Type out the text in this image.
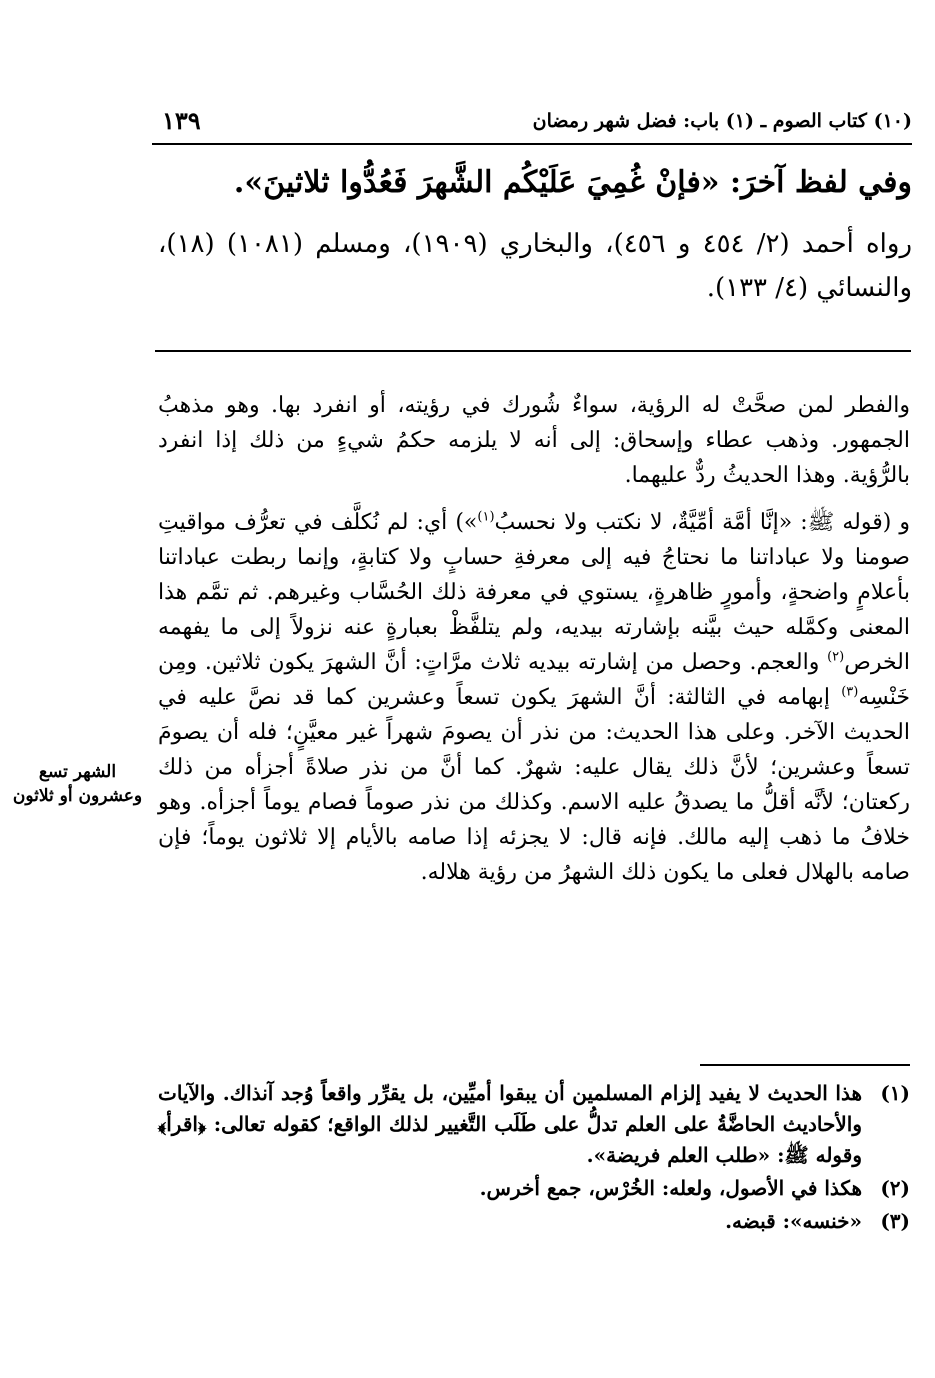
(١٠) كتاب الصوم ـ (١) باب: فضل شهر رمضان
١٣٩

وفي لفظ آخرَ: «فإنْ غُمِيَ عَلَيْكُم الشَّهرَ فَعُدُّوا ثلاثينَ».

رواه أحمد (٢/ ٤٥٤ و ٤٥٦)، والبخاري (١٩٠٩)، ومسلم (١٠٨١) (١٨)، والنسائي (٤/ ١٣٣).

والفطر لمن صحَّتْ له الرؤية، سواءٌ شُورك في رؤيته، أو انفرد بها. وهو مذهبُ الجمهور. وذهب عطاء وإسحاق: إلى أنه لا يلزمه حكمُ شيءٍ من ذلك إذا انفرد بالرُّؤية. وهذا الحديثُ ردٌّ عليهما.

و (قوله ﷺ: «إنَّا أمَّة أمِّيَّةٌ، لا نكتب ولا نحسبُ$^{(١)}$») أي: لم نُكلَّف في تعرُّف مواقيتِ صومنا ولا عباداتنا ما نحتاجُ فيه إلى معرفةِ حسابٍ ولا كتابةٍ، وإنما ربطت عباداتنا بأعلامٍ واضحةٍ، وأمورٍ ظاهرةٍ، يستوي في معرفة ذلك الحُسَّاب وغيرهم. ثم تمَّم هذا المعنى وكمَّله حيث بيَّنه بإشارته بيديه، ولم يتلفَّظْ بعبارةٍ عنه نزولاً إلى ما يفهمه الخرص$^{(٢)}$ والعجم. وحصل من إشارته بيديه ثلاث مرَّاتٍ: أنَّ الشهرَ يكون ثلاثين. ومِن خَنْسِه$^{(٣)}$ إبهامه في الثالثة: أنَّ الشهرَ يكون تسعاً وعشرين كما قد نصَّ عليه في الحديث الآخر. وعلى هذا الحديث: من نذر أن يصومَ شهراً غير معيَّنٍ؛ فله أن يصومَ تسعاً وعشرين؛ لأنَّ ذلك يقال عليه: شهرٌ. كما أنَّ من نذر صلاةً أجزأه من ذلك ركعتان؛ لأنَّه أقلُّ ما يصدقُ عليه الاسم. وكذلك من نذر صوماً فصام يوماً أجزأه. وهو خلافُ ما ذهب إليه مالك. فإنه قال: لا يجزئه إذا صامه بالأيام إلا ثلاثون يوماً؛ فإن صامه بالهلال فعلى ما يكون ذلك الشهرُ من رؤية هلاله.

الشهر تسع وعشرون أو ثلاثون
(١)
هذا الحديث لا يفيد إلزام المسلمين أن يبقوا أميِّين، بل يقرِّر واقعاً وُجد آنذاك. والآيات والأحاديث الحاضَّةُ على العلم تدلُّ على طَلَب التَّغيير لذلك الواقع؛ كقوله تعالى: ﴿اقرأ﴾ وقوله ﷺ: «طلب العلم فريضة».
(٢)
هكذا في الأصول، ولعله: الخُرْس، جمع أخرس.
(٣)
«خنسه»: قبضه.
